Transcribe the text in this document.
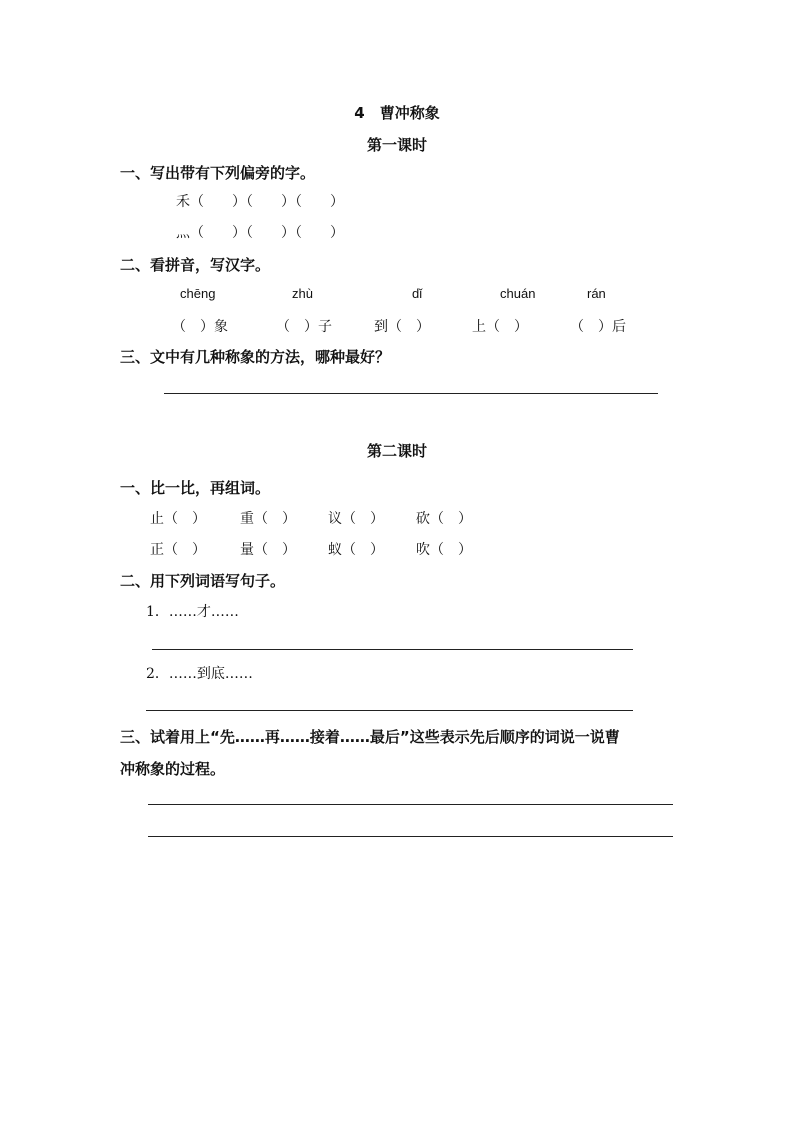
4　曹冲称象
第一课时
一、写出带有下列偏旁的字。
禾（　　）（　　）（　　）
灬（　　）（　　）（　　）
二、看拼音，写汉字。
chēng	zhù	dǐ	chuán	rán
（　）象	（　）子	到（　）	上（　）	（　）后
三、文中有几种称象的方法，哪种最好？
第二课时
一、比一比，再组词。
止（　） 重（　） 议（　） 砍（　）
正（　） 量（　） 蚁（　） 吹（　）
二、用下列词语写句子。
1．……才……
2．……到底……
三、试着用上“先……再……接着……最后”这些表示先后顺序的词说一说曹
冲称象的过程。
